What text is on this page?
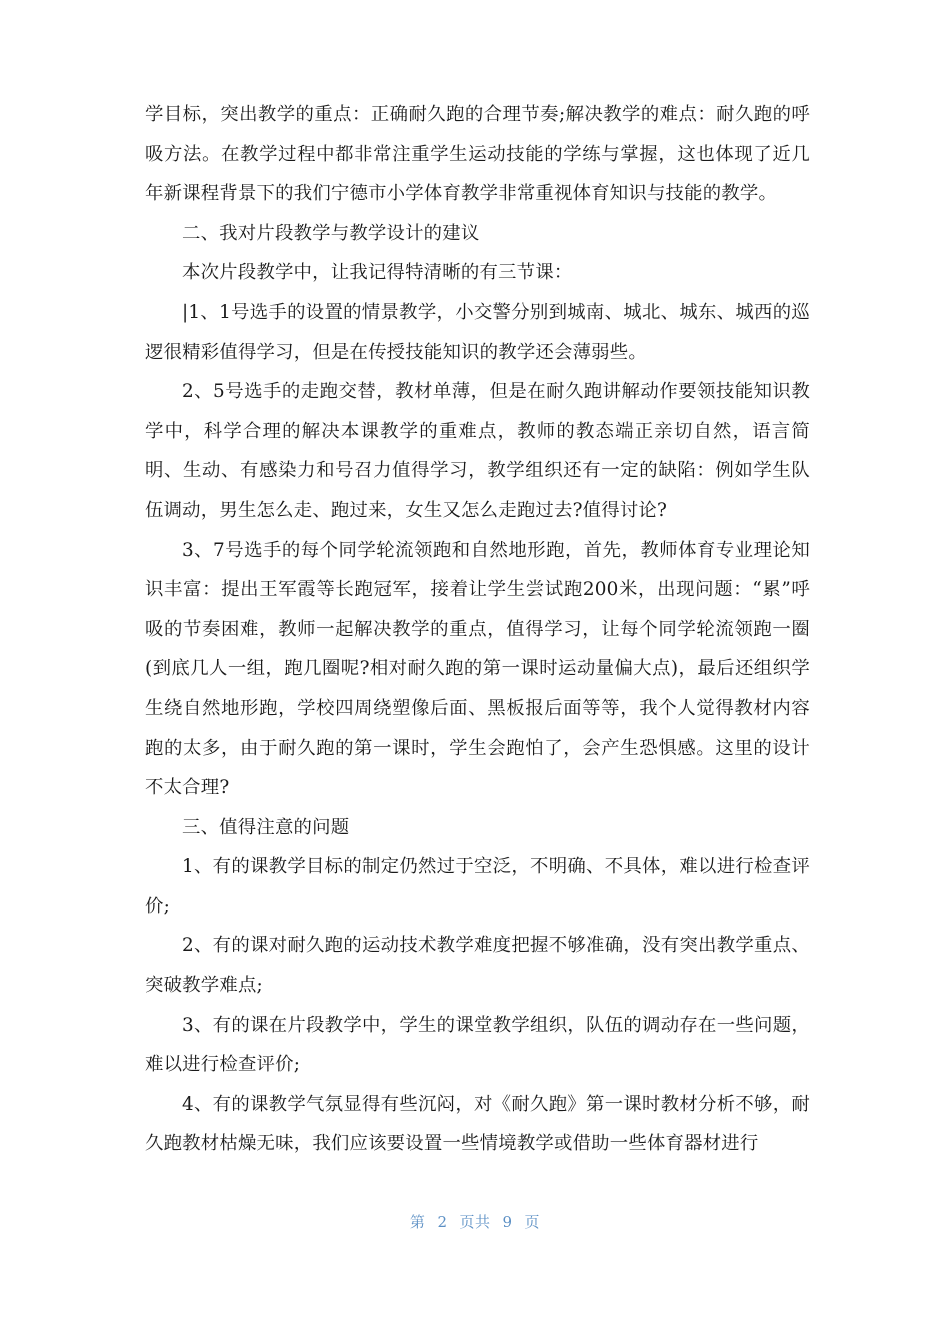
学目标，突出教学的重点：正确耐久跑的合理节奏;解决教学的难点：耐久跑的呼吸方法。在教学过程中都非常注重学生运动技能的学练与掌握，这也体现了近几年新课程背景下的我们宁德市小学体育教学非常重视体育知识与技能的教学。

二、我对片段教学与教学设计的建议

本次片段教学中，让我记得特清晰的有三节课：

|1、1号选手的设置的情景教学，小交警分别到城南、城北、城东、城西的巡逻很精彩值得学习，但是在传授技能知识的教学还会薄弱些。

2、5号选手的走跑交替，教材单薄，但是在耐久跑讲解动作要领技能知识教学中，科学合理的解决本课教学的重难点，教师的教态端正亲切自然，语言简明、生动、有感染力和号召力值得学习，教学组织还有一定的缺陷：例如学生队伍调动，男生怎么走、跑过来，女生又怎么走跑过去?值得讨论?

3、7号选手的每个同学轮流领跑和自然地形跑，首先，教师体育专业理论知识丰富：提出王军霞等长跑冠军，接着让学生尝试跑200米，出现问题：“累”呼吸的节奏困难，教师一起解决教学的重点，值得学习，让每个同学轮流领跑一圈(到底几人一组，跑几圈呢?相对耐久跑的第一课时运动量偏大点)，最后还组织学生绕自然地形跑，学校四周绕塑像后面、黑板报后面等等，我个人觉得教材内容跑的太多，由于耐久跑的第一课时，学生会跑怕了，会产生恐惧感。这里的设计不太合理?

三、值得注意的问题

1、有的课教学目标的制定仍然过于空泛，不明确、不具体，难以进行检查评价;

2、有的课对耐久跑的运动技术教学难度把握不够准确，没有突出教学重点、突破教学难点;

3、有的课在片段教学中，学生的课堂教学组织，队伍的调动存在一些问题，难以进行检查评价;

4、有的课教学气氛显得有些沉闷，对《耐久跑》第一课时教材分析不够，耐久跑教材枯燥无味，我们应该要设置一些情境教学或借助一些体育器材进行

第 2 页共 9 页
